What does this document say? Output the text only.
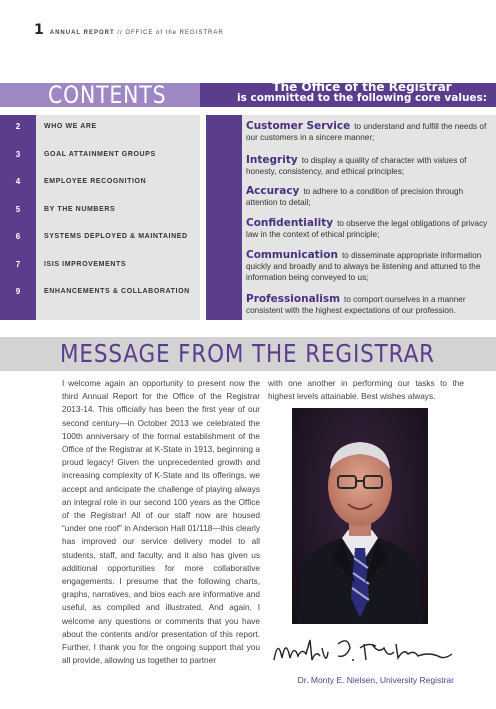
1 ANNUAL REPORT // OFFICE of the REGISTRAR
CONTENTS	The Office of the Registrar
is committed to the following core values:
2	WHO WE ARE
3	GOAL ATTAINMENT GROUPS
4	EMPLOYEE RECOGNITION
5	BY THE NUMBERS
6	SYSTEMS DEPLOYED & MAINTAINED
7	ISIS IMPROVEMENTS
9	ENHANCEMENTS & COLLABORATION
Customer Service to understand and fulfill the needs of our customers in a sincere manner;
Integrity to display a quality of character with values of honesty, consistency, and ethical principles;
Accuracy to adhere to a condition of precision through attention to detail;
Confidentiality to observe the legal obligations of privacy law in the context of ethical principle;
Communication to disseminate appropriate information quickly and broadly and to always be listening and attuned to the information being conveyed to us;
Professionalism to comport ourselves in a manner consistent with the highest expectations of our profession.
MESSAGE FROM THE REGISTRAR
I welcome again an opportunity to present now the third Annual Report for the Office of the Registrar 2013-14. This officially has been the first year of our second century—in October 2013 we celebrated the 100th anniversary of the formal establishment of the Office of the Registrar at K-State in 1913, beginning a proud legacy! Given the unprecedented growth and increasing complexity of K-State and its offerings, we accept and anticipate the challenge of playing always an integral role in our second 100 years as the Office of the Registrar! All of our staff now are housed “under one roof” in Anderson Hall 01/118—this clearly has improved our service delivery model to all students, staff, and faculty, and it also has given us additional opportunities for more collaborative engagements. I presume that the following charts, graphs, narratives, and bios each are informative and useful, as compiled and illustrated. And again, I welcome any questions or comments that you have about the contents and/or presentation of this report. Further, I thank you for the ongoing support that you all provide, allowing us together to partner
with one another in performing our tasks to the highest levels attainable. Best wishes always.
Dr. Monty E. Nielsen, University Registrar
